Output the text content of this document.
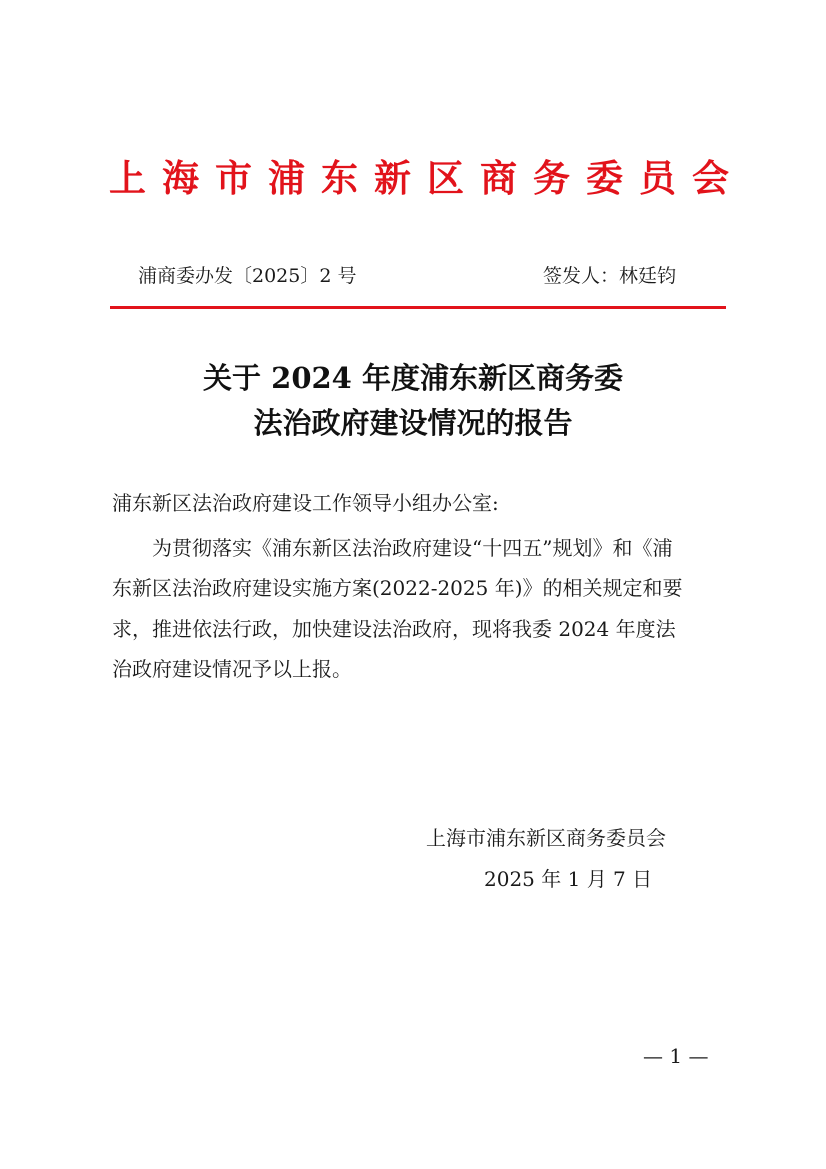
上 海 市 浦 东 新 区 商 务 委 员 会
浦商委办发〔2025〕2 号	签发人：林廷钧
关于 2024 年度浦东新区商务委
法治政府建设情况的报告
浦东新区法治政府建设工作领导小组办公室:
为贯彻落实《浦东新区法治政府建设“十四五”规划》和《浦
东新区法治政府建设实施方案(2022-2025 年)》的相关规定和要
求，推进依法行政，加快建设法治政府，现将我委 2024 年度法
治政府建设情况予以上报。
上海市浦东新区商务委员会
2025 年 1 月 7 日
— 1 —
